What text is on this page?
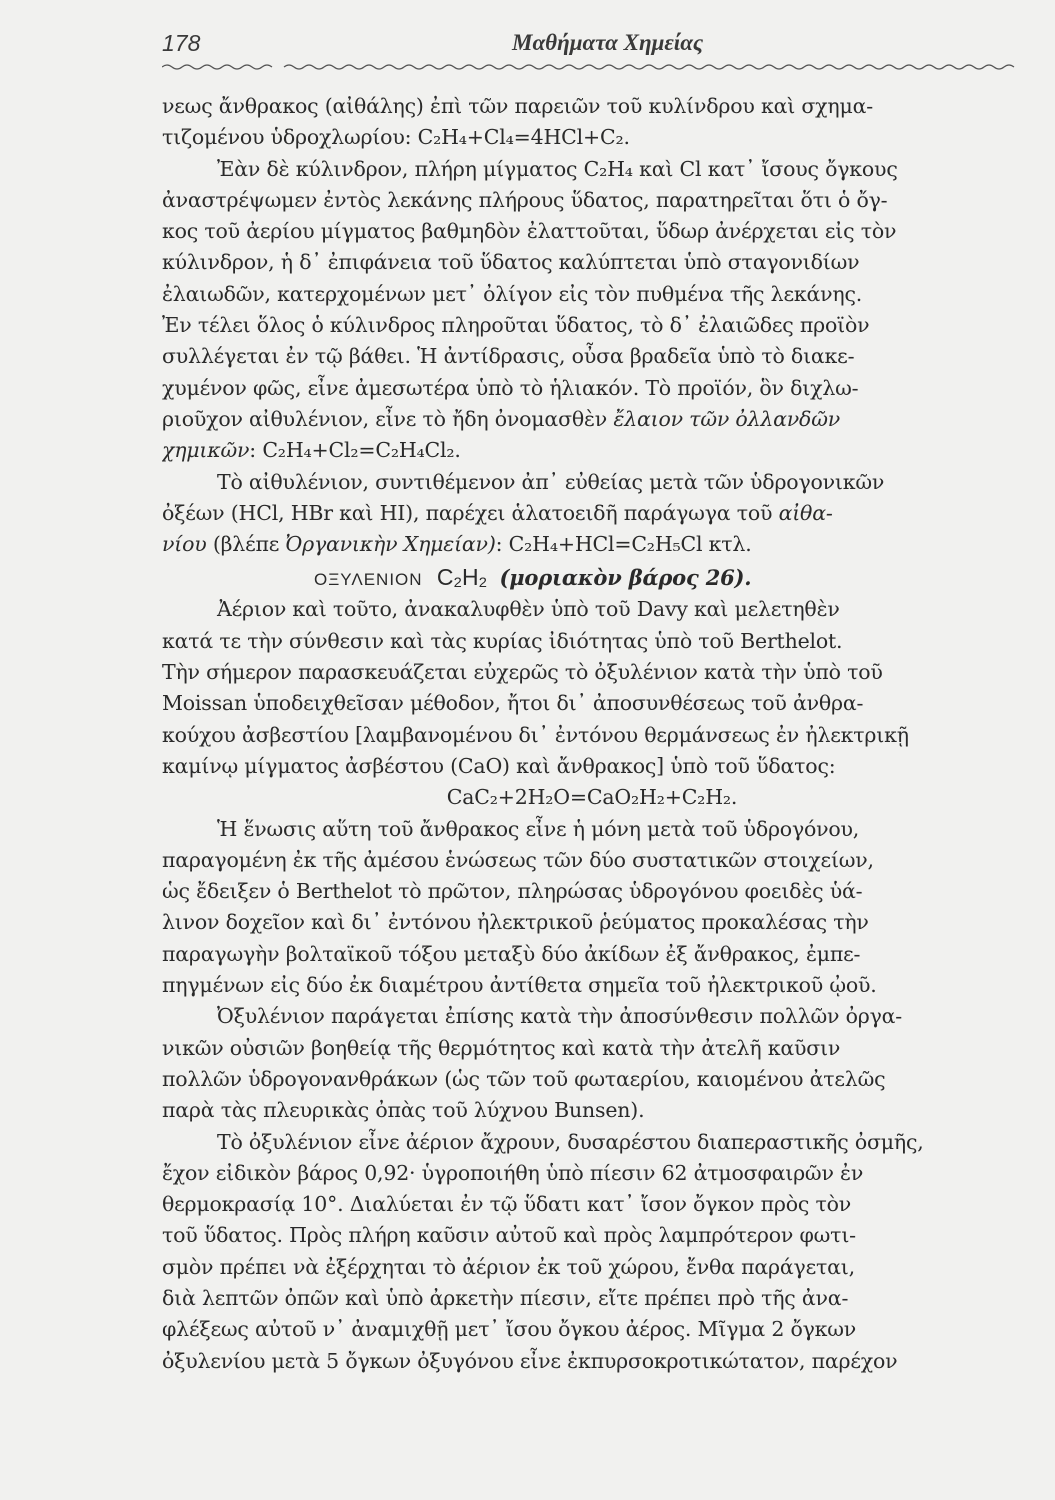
178	Μαθήματα Χημείας
νεως ἄνθρακος (αἰθάλης) ἐπὶ τῶν παρειῶν τοῦ κυλίνδρου καὶ σχημα-
τιζομένου ὑδροχλωρίου: C₂H₄+Cl₄=4HCl+C₂.
Ἐὰν δὲ κύλινδρον, πλήρη μίγματος C₂H₄ καὶ Cl κατ᾽ ἴσους ὄγκους
ἀναστρέψωμεν ἐντὸς λεκάνης πλήρους ὕδατος, παρατηρεῖται ὅτι ὁ ὄγ-
κος τοῦ ἀερίου μίγματος βαθμηδὸν ἐλαττοῦται, ὕδωρ ἀνέρχεται εἰς τὸν
κύλινδρον, ἡ δ᾽ ἐπιφάνεια τοῦ ὕδατος καλύπτεται ὑπὸ σταγονιδίων
ἐλαιωδῶν, κατερχομένων μετ᾽ ὀλίγον εἰς τὸν πυθμένα τῆς λεκάνης.
Ἐν τέλει ὅλος ὁ κύλινδρος πληροῦται ὕδατος, τὸ δ᾽ ἐλαιῶδες προϊὸν
συλλέγεται ἐν τῷ βάθει. Ἡ ἀντίδρασις, οὖσα βραδεῖα ὑπὸ τὸ διακε-
χυμένον φῶς, εἶνε ἀμεσωτέρα ὑπὸ τὸ ἡλιακόν. Τὸ προϊόν, ὃν διχλω-
ριοῦχον αἰθυλένιον, εἶνε τὸ ἤδη ὀνομασθὲν ἔλαιον τῶν ὀλλανδῶν
χημικῶν: C₂H₄+Cl₂=C₂H₄Cl₂.
Τὸ αἰθυλένιον, συντιθέμενον ἀπ᾽ εὐθείας μετὰ τῶν ὑδρογονικῶν
ὀξέων (HCl, HBr καὶ HI), παρέχει ἁλατοειδῆ παράγωγα τοῦ αἰθα-
νίου (βλέπε Ὀργανικὴν Χημείαν): C₂H₄+HCl=C₂H₅Cl κτλ.
ΟΞΥΛΕΝΙΟΝ C₂H₂ (μοριακὸν βάρος 26).
Ἀέριον καὶ τοῦτο, ἀνακαλυφθὲν ὑπὸ τοῦ Davy καὶ μελετηθὲν
κατά τε τὴν σύνθεσιν καὶ τὰς κυρίας ἰδιότητας ὑπὸ τοῦ Berthelot.
Τὴν σήμερον παρασκευάζεται εὐχερῶς τὸ ὀξυλένιον κατὰ τὴν ὑπὸ τοῦ
Moissan ὑποδειχθεῖσαν μέθοδον, ἤτοι δι᾽ ἀποσυνθέσεως τοῦ ἀνθρα-
κούχου ἀσβεστίου [λαμβανομένου δι᾽ ἐντόνου θερμάνσεως ἐν ἠλεκτρικῇ
καμίνῳ μίγματος ἀσβέστου (CaO) καὶ ἄνθρακος] ὑπὸ τοῦ ὕδατος:
CaC₂+2H₂O=CaO₂H₂+C₂H₂.
Ἡ ἕνωσις αὕτη τοῦ ἄνθρακος εἶνε ἡ μόνη μετὰ τοῦ ὑδρογόνου,
παραγομένη ἐκ τῆς ἀμέσου ἑνώσεως τῶν δύο συστατικῶν στοιχείων,
ὡς ἔδειξεν ὁ Berthelot τὸ πρῶτον, πληρώσας ὑδρογόνου φοειδὲς ὑά-
λινον δοχεῖον καὶ δι᾽ ἐντόνου ἠλεκτρικοῦ ῥεύματος προκαλέσας τὴν
παραγωγὴν βολταϊκοῦ τόξου μεταξὺ δύο ἀκίδων ἐξ ἄνθρακος, ἐμπε-
πηγμένων εἰς δύο ἐκ διαμέτρου ἀντίθετα σημεῖα τοῦ ἠλεκτρικοῦ ᾠοῦ.
Ὀξυλένιον παράγεται ἐπίσης κατὰ τὴν ἀποσύνθεσιν πολλῶν ὀργα-
νικῶν οὐσιῶν βοηθείᾳ τῆς θερμότητος καὶ κατὰ τὴν ἀτελῆ καῦσιν
πολλῶν ὑδρογονανθράκων (ὡς τῶν τοῦ φωταερίου, καιομένου ἀτελῶς
παρὰ τὰς πλευρικὰς ὀπὰς τοῦ λύχνου Bunsen).
Τὸ ὀξυλένιον εἶνε ἀέριον ἄχρουν, δυσαρέστου διαπεραστικῆς ὀσμῆς,
ἔχον εἰδικὸν βάρος 0,92· ὑγροποιήθη ὑπὸ πίεσιν 62 ἀτμοσφαιρῶν ἐν
θερμοκρασίᾳ 10°. Διαλύεται ἐν τῷ ὕδατι κατ᾽ ἴσον ὄγκον πρὸς τὸν
τοῦ ὕδατος. Πρὸς πλήρη καῦσιν αὐτοῦ καὶ πρὸς λαμπρότερον φωτι-
σμὸν πρέπει νὰ ἐξέρχηται τὸ ἀέριον ἐκ τοῦ χώρου, ἔνθα παράγεται,
διὰ λεπτῶν ὀπῶν καὶ ὑπὸ ἀρκετὴν πίεσιν, εἴτε πρέπει πρὸ τῆς ἀνα-
φλέξεως αὐτοῦ ν᾽ ἀναμιχθῇ μετ᾽ ἴσου ὄγκου ἀέρος. Μῖγμα 2 ὄγκων
ὀξυλενίου μετὰ 5 ὄγκων ὀξυγόνου εἶνε ἐκπυρσοκροτικώτατον, παρέχον
